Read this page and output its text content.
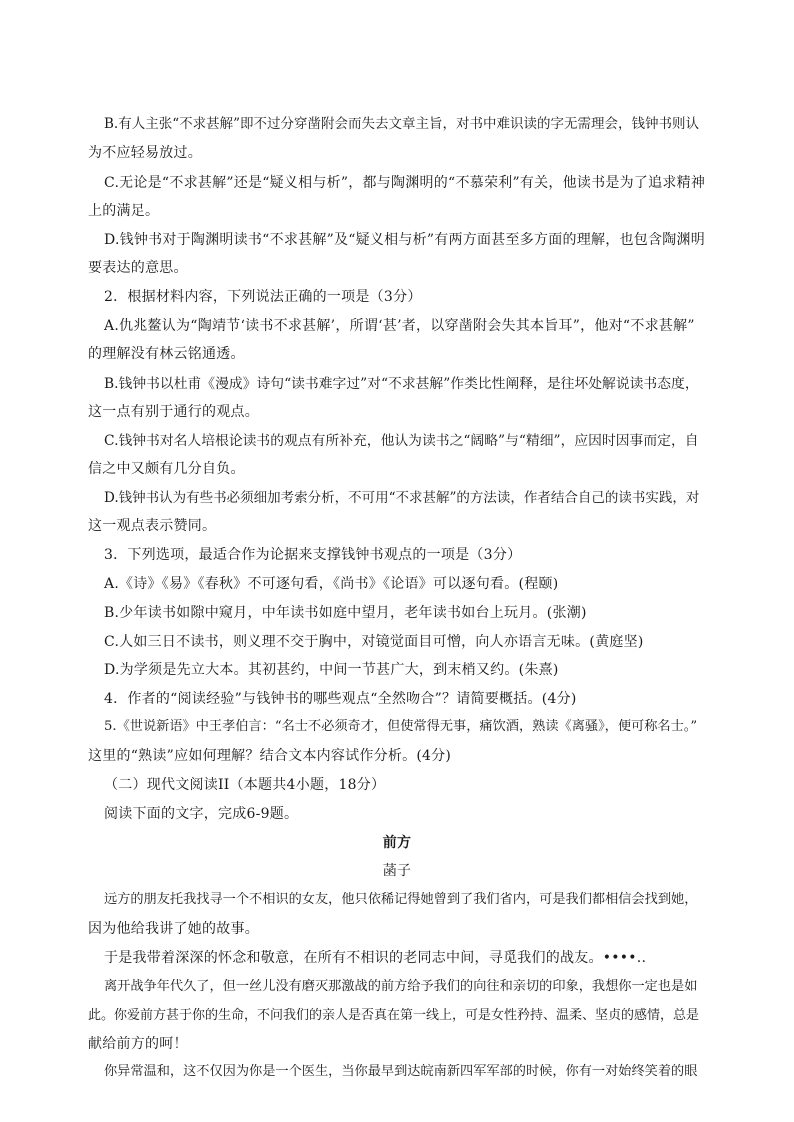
B.有人主张“不求甚解”即不过分穿凿附会而失去文章主旨，对书中难识读的字无需理会，钱钟书则认
为不应轻易放过。
C.无论是“不求甚解”还是“疑义相与析”，都与陶渊明的“不慕荣利”有关，他读书是为了追求精神
上的满足。
D.钱钟书对于陶渊明读书“不求甚解”及“疑义相与析”有两方面甚至多方面的理解，也包含陶渊明
要表达的意思。
2．根据材料内容，下列说法正确的一项是（3分）
A.仇兆鳌认为“陶靖节‘读书不求甚解’，所谓‘甚’者，以穿凿附会失其本旨耳”，他对“不求甚解”
的理解没有林云铭通透。
B.钱钟书以杜甫《漫成》诗句“读书难字过”对“不求甚解”作类比性阐释，是往坏处解说读书态度，
这一点有别于通行的观点。
C.钱钟书对名人培根论读书的观点有所补充，他认为读书之“阔略”与“精细”，应因时因事而定，自
信之中又颇有几分自负。
D.钱钟书认为有些书必须细加考索分析，不可用“不求甚解”的方法读，作者结合自己的读书实践，对
这一观点表示赞同。
3．下列选项，最适合作为论据来支撑钱钟书观点的一项是（3分）
A.《诗》《易》《春秋》不可逐句看，《尚书》《论语》可以逐句看。(程颐)
B.少年读书如隙中窥月，中年读书如庭中望月，老年读书如台上玩月。(张潮)
C.人如三日不读书，则义理不交于胸中，对镜觉面目可憎，向人亦语言无味。(黄庭坚)
D.为学须是先立大本。其初甚约，中间一节甚广大，到末梢又约。(朱熹)
4．作者的“阅读经验”与钱钟书的哪些观点“全然吻合”？请简要概括。(4分)
5.《世说新语》中王孝伯言：“名士不必须奇才，但使常得无事，痛饮酒，熟读《离骚》，便可称名士。”
这里的“熟读”应如何理解？结合文本内容试作分析。(4分)
（二）现代文阅读II（本题共4小题，18分）
阅读下面的文字，完成6-9题。
前方
菡子
远方的朋友托我找寻一个不相识的女友，他只依稀记得她曾到了我们省内，可是我们都相信会找到她，
因为他给我讲了她的故事。
于是我带着深深的怀念和敬意，在所有不相识的老同志中间，寻觅我们的战友。••••..
离开战争年代久了，但一丝儿没有磨灭那激战的前方给予我们的向往和亲切的印象，我想你一定也是如
此。你爱前方甚于你的生命，不问我们的亲人是否真在第一线上，可是女性矜持、温柔、坚贞的感情，总是
献给前方的呵！
你异常温和，这不仅因为你是一个医生，当你最早到达皖南新四军军部的时候，你有一对始终笑着的眼
